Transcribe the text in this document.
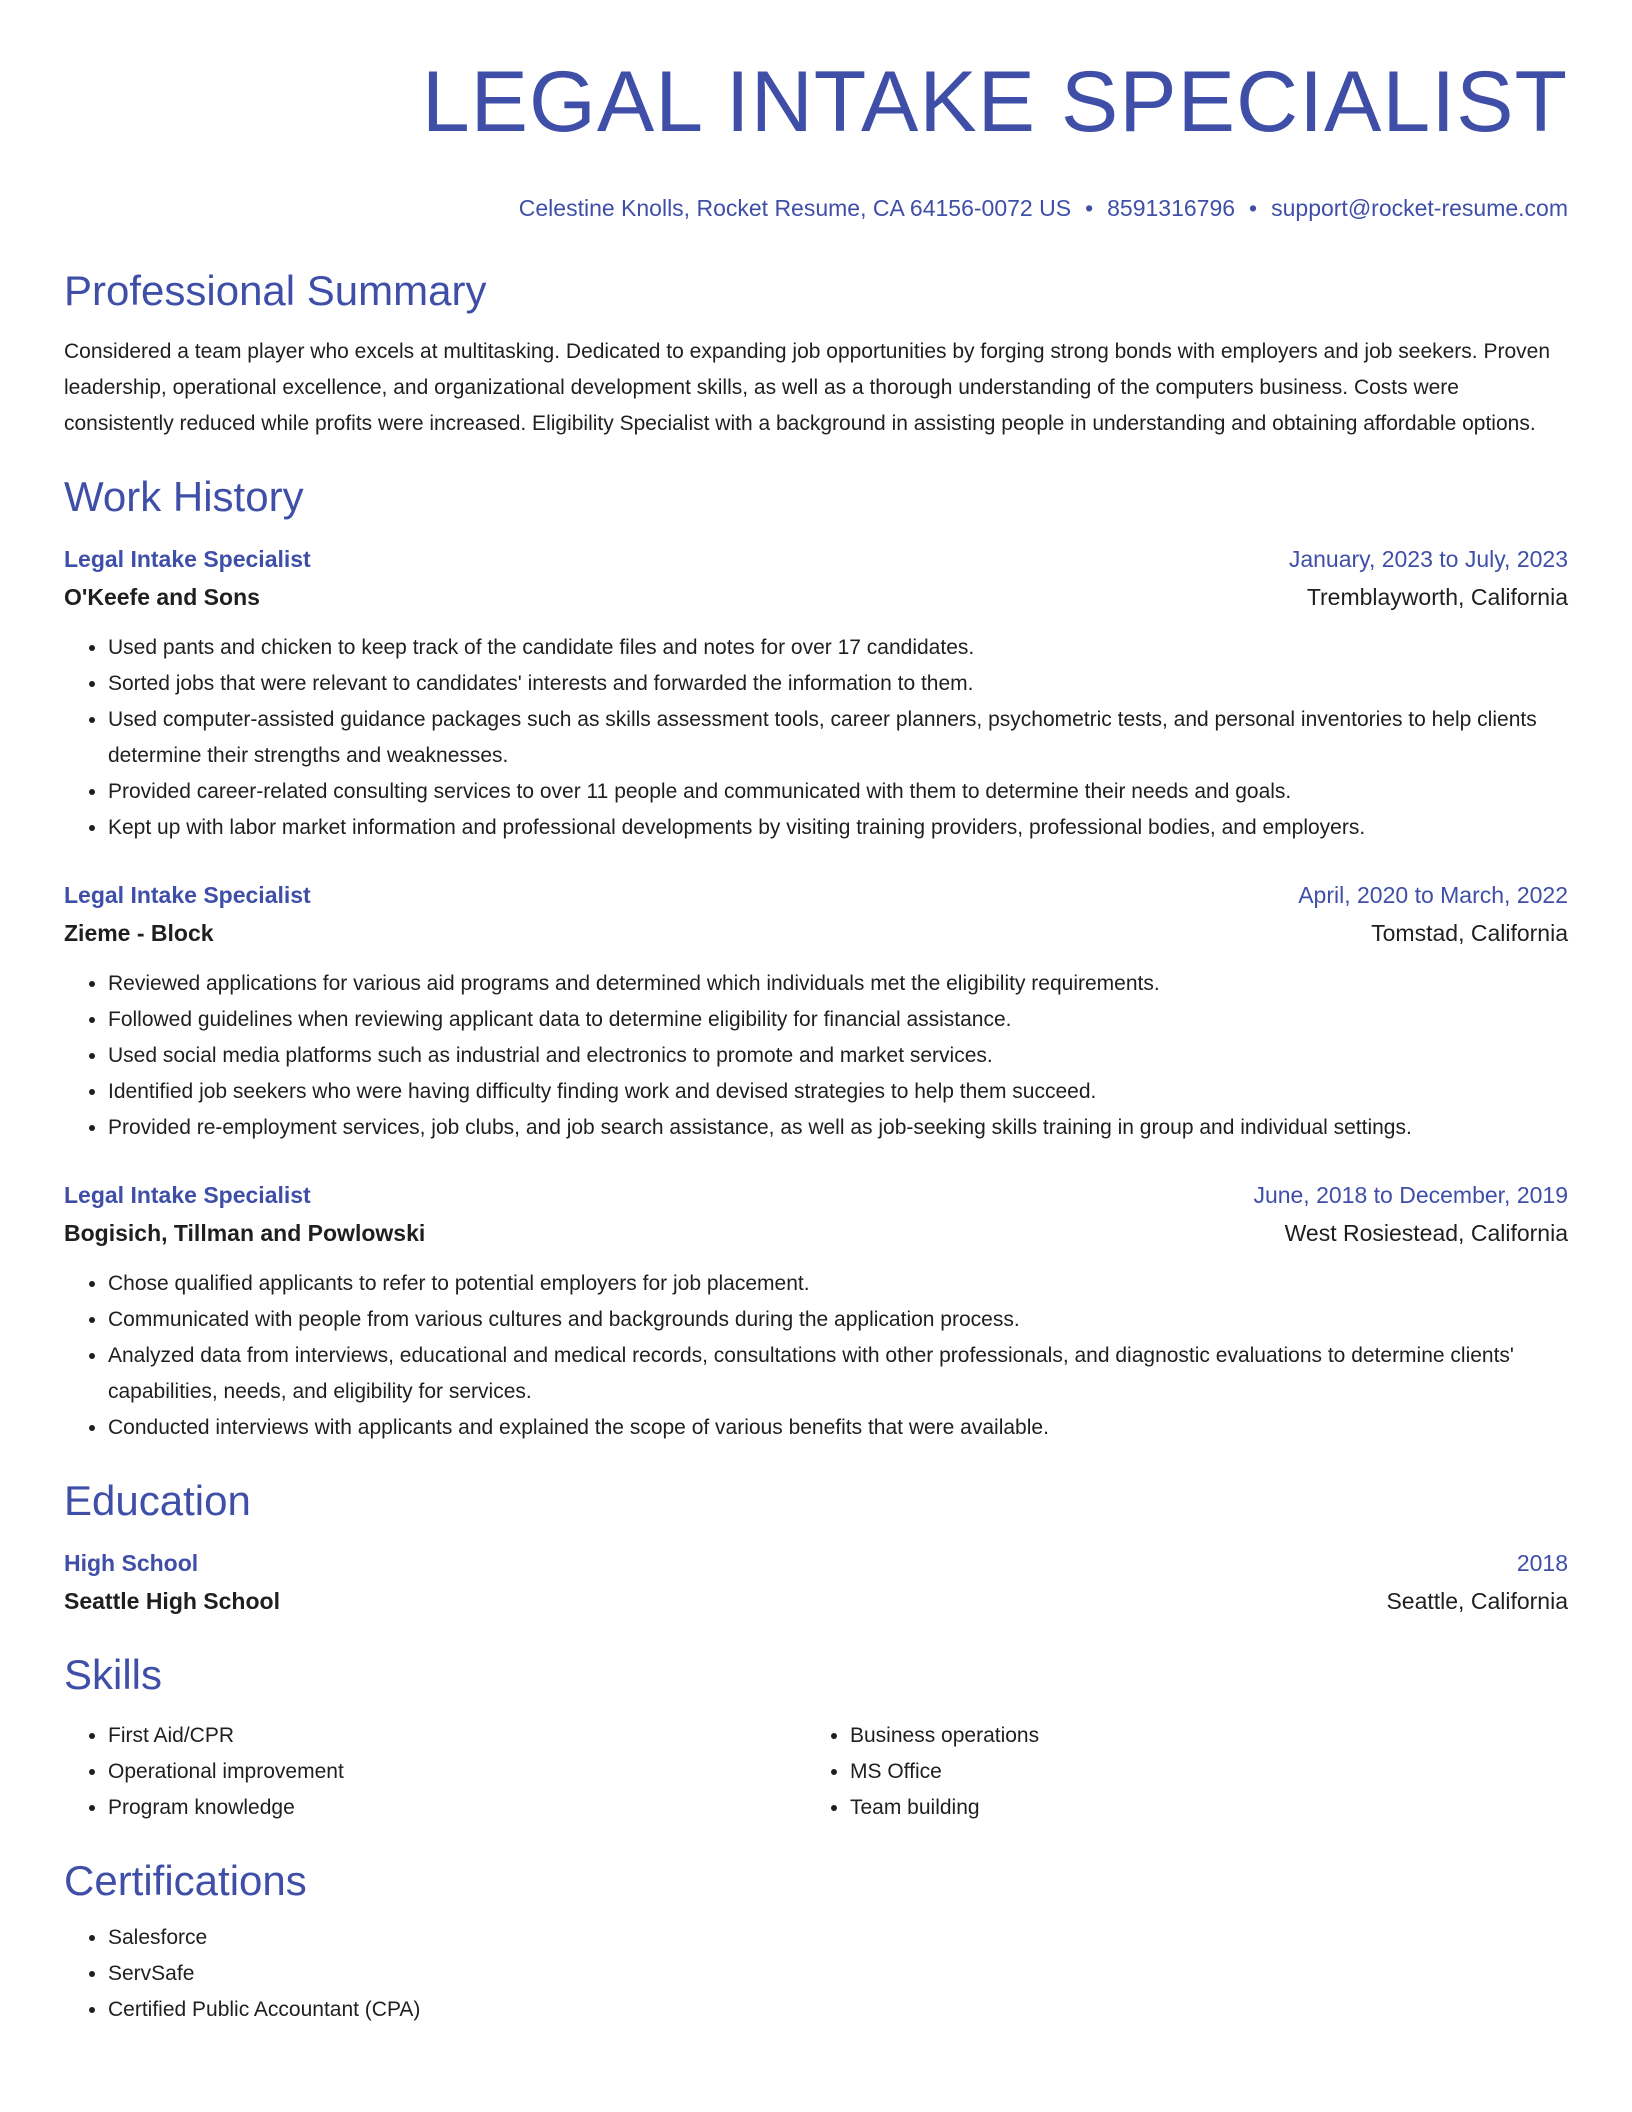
LEGAL INTAKE SPECIALIST
Celestine Knolls, Rocket Resume, CA 64156-0072 US • 8591316796 • support@rocket-resume.com
Professional Summary

Considered a team player who excels at multitasking. Dedicated to expanding job opportunities by forging strong bonds with employers and job seekers. Proven leadership, operational excellence, and organizational development skills, as well as a thorough understanding of the computers business. Costs were consistently reduced while profits were increased. Eligibility Specialist with a background in assisting people in understanding and obtaining affordable options.

Work History
Legal Intake Specialist	January, 2023 to July, 2023
O'Keefe and Sons	Tremblayworth, California
• Used pants and chicken to keep track of the candidate files and notes for over 17 candidates.
• Sorted jobs that were relevant to candidates' interests and forwarded the information to them.
• Used computer-assisted guidance packages such as skills assessment tools, career planners, psychometric tests, and personal inventories to help clients determine their strengths and weaknesses.
• Provided career-related consulting services to over 11 people and communicated with them to determine their needs and goals.
• Kept up with labor market information and professional developments by visiting training providers, professional bodies, and employers.
Legal Intake Specialist	April, 2020 to March, 2022
Zieme - Block	Tomstad, California
• Reviewed applications for various aid programs and determined which individuals met the eligibility requirements.
• Followed guidelines when reviewing applicant data to determine eligibility for financial assistance.
• Used social media platforms such as industrial and electronics to promote and market services.
• Identified job seekers who were having difficulty finding work and devised strategies to help them succeed.
• Provided re-employment services, job clubs, and job search assistance, as well as job-seeking skills training in group and individual settings.
Legal Intake Specialist	June, 2018 to December, 2019
Bogisich, Tillman and Powlowski	West Rosiestead, California
• Chose qualified applicants to refer to potential employers for job placement.
• Communicated with people from various cultures and backgrounds during the application process.
• Analyzed data from interviews, educational and medical records, consultations with other professionals, and diagnostic evaluations to determine clients' capabilities, needs, and eligibility for services.
• Conducted interviews with applicants and explained the scope of various benefits that were available.
Education
High School	2018
Seattle High School	Seattle, California
Skills
• First Aid/CPR
• Operational improvement
• Program knowledge
• Business operations
• MS Office
• Team building
Certifications
• Salesforce
• ServSafe
• Certified Public Accountant (CPA)
